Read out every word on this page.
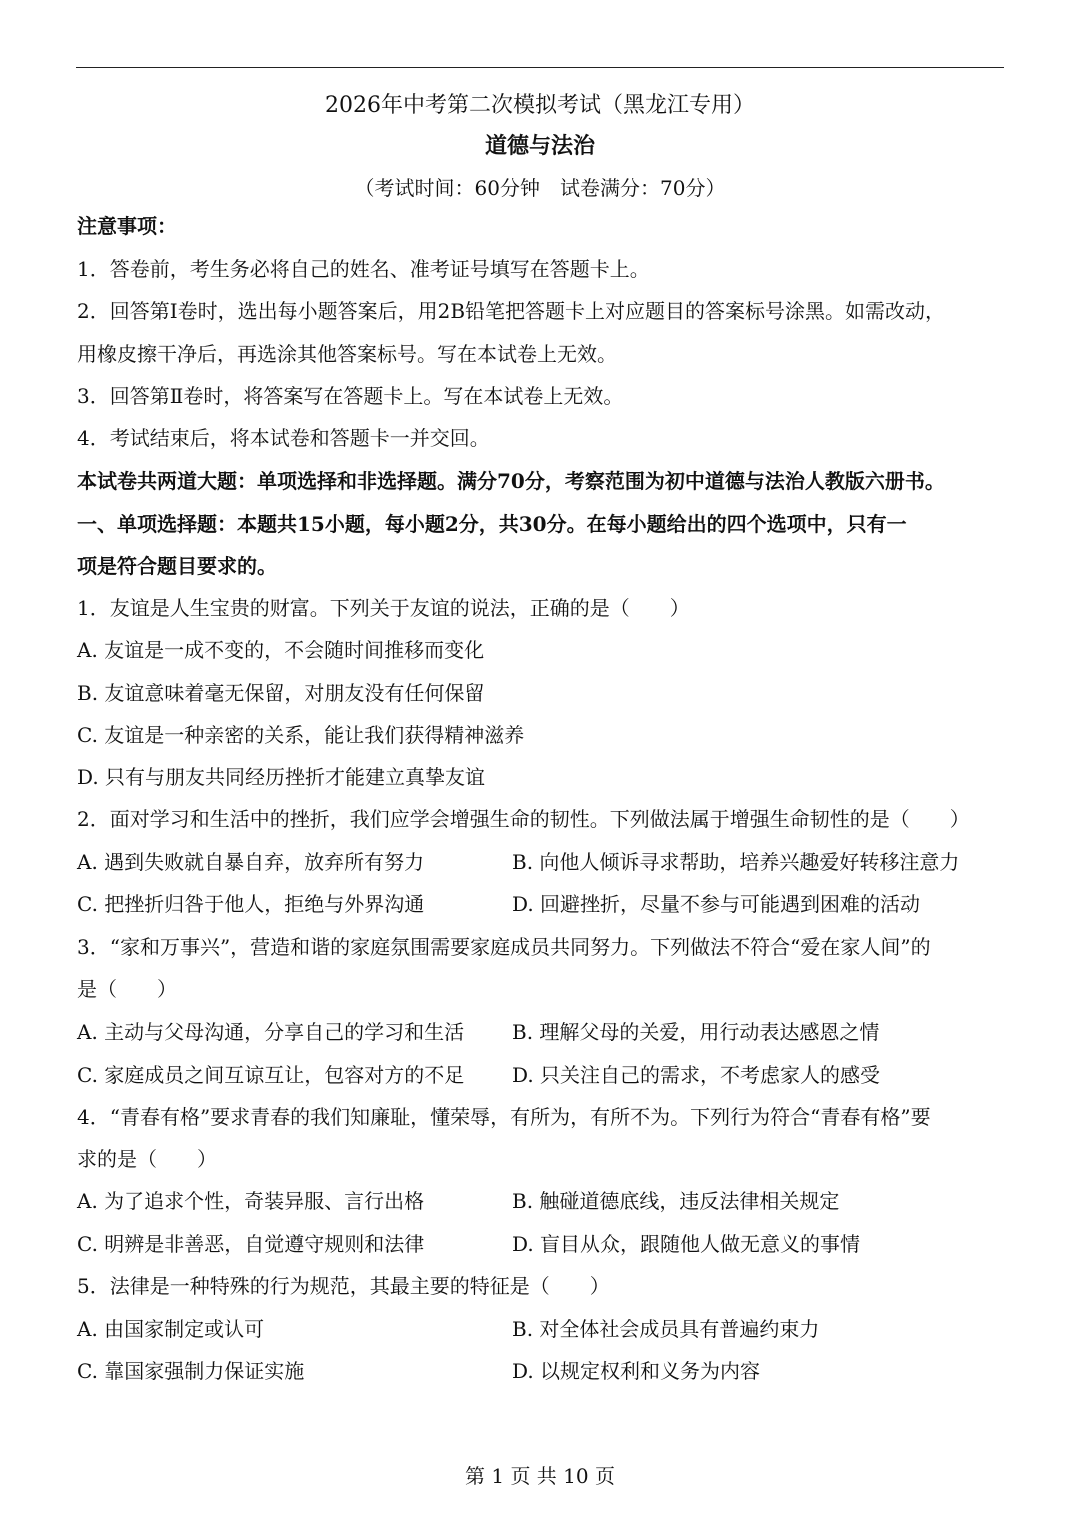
2026年中考第二次模拟考试（黑龙江专用）
道德与法治
（考试时间：60分钟　试卷满分：70分）
注意事项：
1．答卷前，考生务必将自己的姓名、准考证号填写在答题卡上。
2．回答第Ⅰ卷时，选出每小题答案后，用2B铅笔把答题卡上对应题目的答案标号涂黑。如需改动，
用橡皮擦干净后，再选涂其他答案标号。写在本试卷上无效。
3．回答第Ⅱ卷时，将答案写在答题卡上。写在本试卷上无效。
4．考试结束后，将本试卷和答题卡一并交回。
本试卷共两道大题：单项选择和非选择题。满分70分，考察范围为初中道德与法治人教版六册书。
一、单项选择题：本题共15小题，每小题2分，共30分。在每小题给出的四个选项中，只有一
项是符合题目要求的。
1．友谊是人生宝贵的财富。下列关于友谊的说法，正确的是（　　）
A. 友谊是一成不变的，不会随时间推移而变化
B. 友谊意味着毫无保留，对朋友没有任何保留
C. 友谊是一种亲密的关系，能让我们获得精神滋养
D. 只有与朋友共同经历挫折才能建立真挚友谊
2．面对学习和生活中的挫折，我们应学会增强生命的韧性。下列做法属于增强生命韧性的是（　　）
A. 遇到失败就自暴自弃，放弃所有努力	B. 向他人倾诉寻求帮助，培养兴趣爱好转移注意力
C. 把挫折归咎于他人，拒绝与外界沟通	D. 回避挫折，尽量不参与可能遇到困难的活动
3．“家和万事兴”，营造和谐的家庭氛围需要家庭成员共同努力。下列做法不符合“爱在家人间”的
是（　　）
A. 主动与父母沟通，分享自己的学习和生活 B. 理解父母的关爱，用行动表达感恩之情
C. 家庭成员之间互谅互让，包容对方的不足 D. 只关注自己的需求，不考虑家人的感受
4．“青春有格”要求青春的我们知廉耻，懂荣辱，有所为，有所不为。下列行为符合“青春有格”要
求的是（　　）
A. 为了追求个性，奇装异服、言行出格	B. 触碰道德底线，违反法律相关规定
C. 明辨是非善恶，自觉遵守规则和法律	D. 盲目从众，跟随他人做无意义的事情
5．法律是一种特殊的行为规范，其最主要的特征是（　　）
A. 由国家制定或认可	B. 对全体社会成员具有普遍约束力
C. 靠国家强制力保证实施	D. 以规定权利和义务为内容
第 1 页 共 10 页
